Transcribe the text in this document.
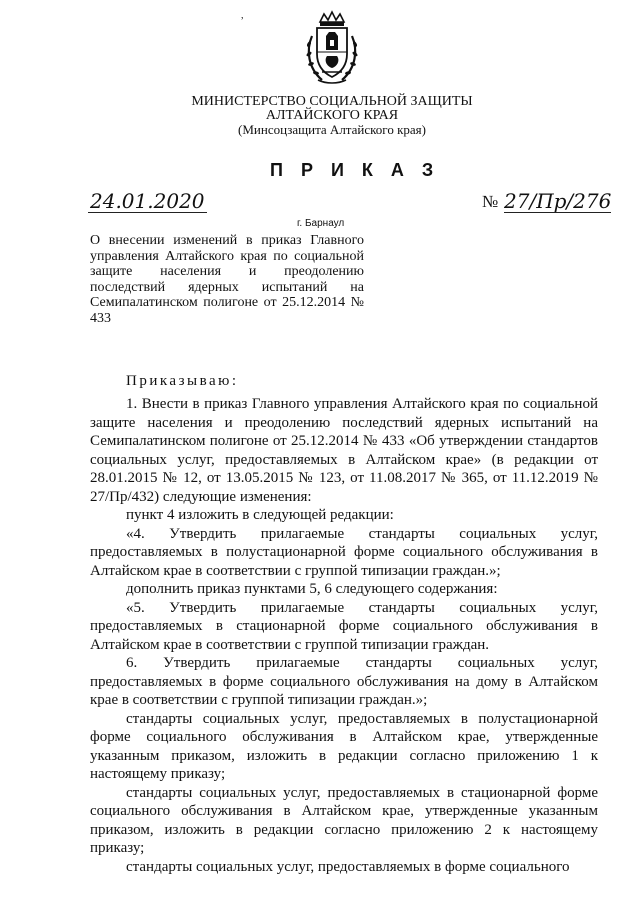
,
МИНИСТЕРСТВО СОЦИАЛЬНОЙ ЗАЩИТЫ
АЛТАЙСКОГО КРАЯ
(Минсоцзащита Алтайского края)
ПРИКАЗ
24.01.2020	№ 27/Пр/276
г. Барнаул
О внесении изменений в приказ Главного управления Алтайского края по социальной защите населения и преодолению последствий ядерных испытаний на Семипалатинском полигоне от 25.12.2014 № 433
Приказываю:

1. Внести в приказ Главного управления Алтайского края по социальной защите населения и преодолению последствий ядерных испытаний на Семипалатинском полигоне от 25.12.2014 № 433 «Об утверждении стандартов социальных услуг, предоставляемых в Алтайском крае» (в редакции от 28.01.2015 № 12, от 13.05.2015 № 123, от 11.08.2017 № 365, от 11.12.2019 № 27/Пр/432) следующие изменения:

пункт 4 изложить в следующей редакции:

«4. Утвердить прилагаемые стандарты социальных услуг, предоставляемых в полустационарной форме социального обслуживания в Алтайском крае в соответствии с группой типизации граждан.»;

дополнить приказ пунктами 5, 6 следующего содержания:

«5. Утвердить прилагаемые стандарты социальных услуг, предоставляемых в стационарной форме социального обслуживания в Алтайском крае в соответствии с группой типизации граждан.

6. Утвердить прилагаемые стандарты социальных услуг, предоставляемых в форме социального обслуживания на дому в Алтайском крае в соответствии с группой типизации граждан.»;

стандарты социальных услуг, предоставляемых в полустационарной форме социального обслуживания в Алтайском крае, утвержденные указанным приказом, изложить в редакции согласно приложению 1 к настоящему приказу;

стандарты социальных услуг, предоставляемых в стационарной форме социального обслуживания в Алтайском крае, утвержденные указанным приказом, изложить в редакции согласно приложению 2 к настоящему приказу;

стандарты социальных услуг, предоставляемых в форме социального
